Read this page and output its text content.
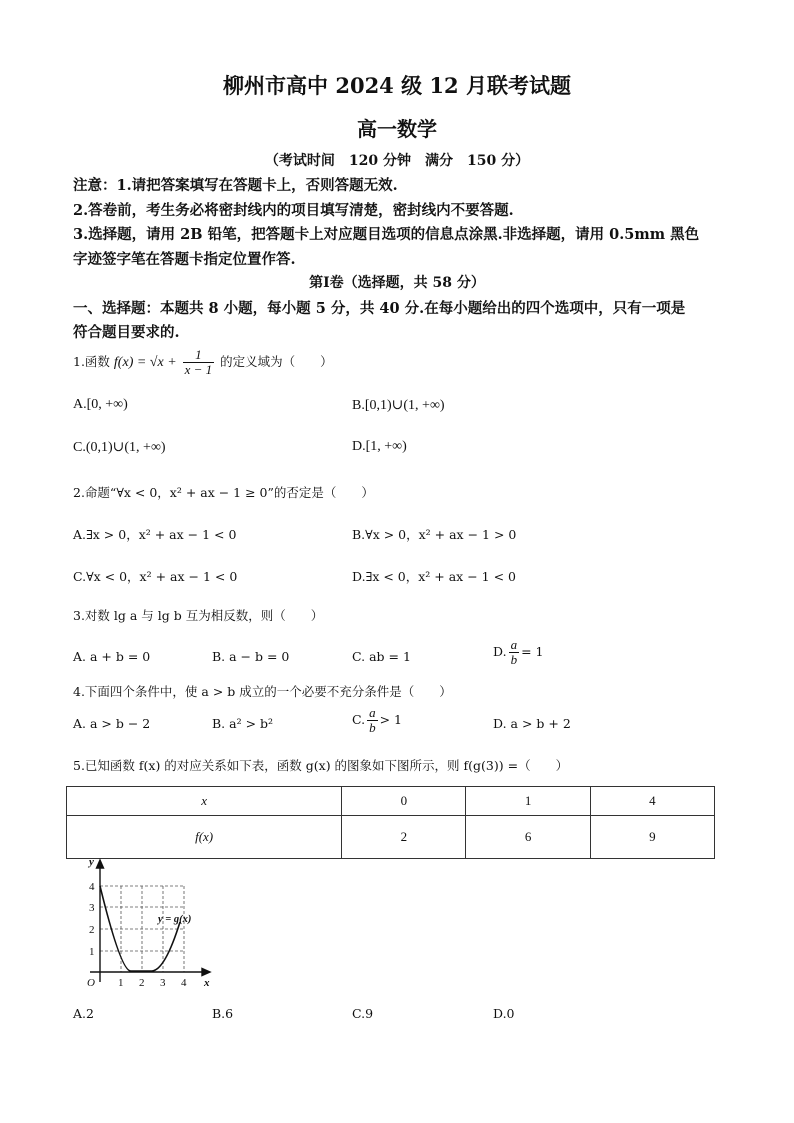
柳州市高中 2024 级 12 月联考试题
高一数学
（考试时间　120 分钟　满分　150 分）
注意：1.请把答案填写在答题卡上，否则答题无效.
2.答卷前，考生务必将密封线内的项目填写清楚，密封线内不要答题.
3.选择题，请用 2B 铅笔，把答题卡上对应题目选项的信息点涂黑.非选择题，请用 0.5mm 黑色
字迹签字笔在答题卡指定位置作答.
第Ⅰ卷（选择题，共 58 分）
一、选择题：本题共 8 小题，每小题 5 分，共 40 分.在每小题给出的四个选项中，只有一项是
符合题目要求的.
1.函数 $f(x) = √x + \frac{1}{x - 1}$ 的定义域为（　　）
A.[0, +∞)	B.[0,1)∪(1, +∞)
C.(0,1)∪(1, +∞)	D.[1, +∞)
2.命题“∀x < 0，x² + ax − 1 ≥ 0”的否定是（　　）
A.∃x > 0，x² + ax − 1 < 0	B.∀x > 0，x² + ax − 1 > 0
C.∀x < 0，x² + ax − 1 < 0	D.∃x < 0，x² + ax − 1 < 0
3.对数 lg a 与 lg b 互为相反数，则（　　）
A. a + b = 0	B. a − b = 0	C. ab = 1	D. $\frac{a}{b} = 1$
4.下面四个条件中，使 a > b 成立的一个必要不充分条件是（　　）
A. a > b − 2	B. a² > b²	C. $\frac{a}{b} > 1$	D. a > b + 2
5.已知函数 f(x) 的对应关系如下表，函数 g(x) 的图象如下图所示，则 f(g(3)) =（　　）
x	0	1	4
f(x)	2	6	9
y
x
O 1 2 3 4
1
2
3
4
y = g(x)
A.2	B.6	C.9	D.0
